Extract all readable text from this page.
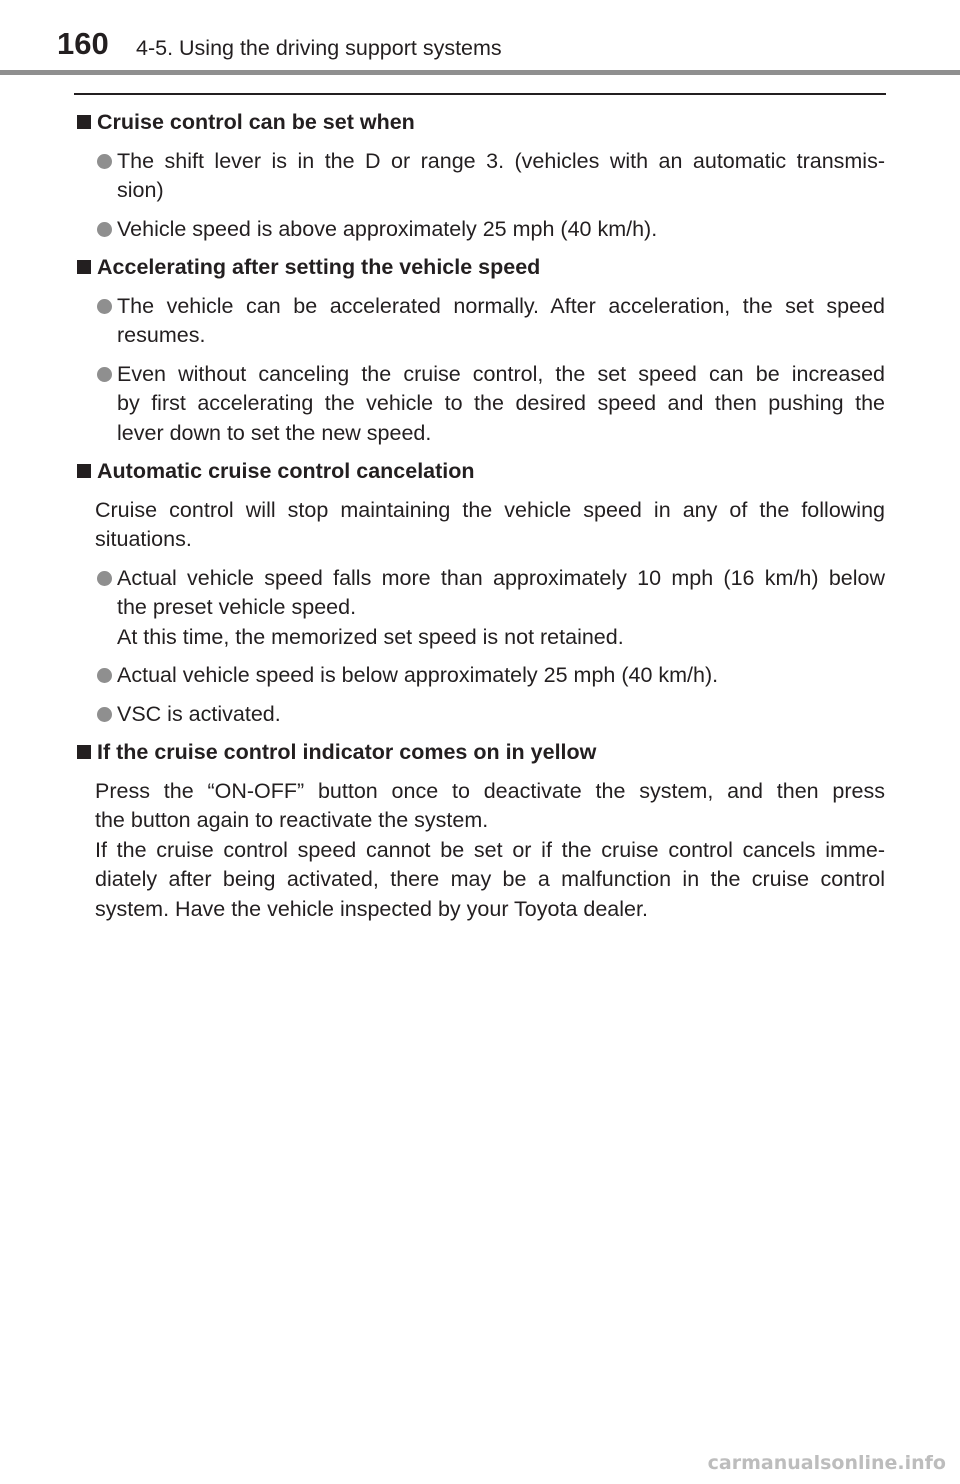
160 4-5. Using the driving support systems
Cruise control can be set when
The shift lever is in the D or range 3. (vehicles with an automatic transmis-
sion)
Vehicle speed is above approximately 25 mph (40 km/h).
Accelerating after setting the vehicle speed
The vehicle can be accelerated normally. After acceleration, the set speed
resumes.
Even without canceling the cruise control, the set speed can be increased
by first accelerating the vehicle to the desired speed and then pushing the
lever down to set the new speed.
Automatic cruise control cancelation
Cruise control will stop maintaining the vehicle speed in any of the following
situations.
Actual vehicle speed falls more than approximately 10 mph (16 km/h) below
the preset vehicle speed.
At this time, the memorized set speed is not retained.
Actual vehicle speed is below approximately 25 mph (40 km/h).
VSC is activated.
If the cruise control indicator comes on in yellow
Press the “ON-OFF” button once to deactivate the system, and then press
the button again to reactivate the system.
If the cruise control speed cannot be set or if the cruise control cancels imme-
diately after being activated, there may be a malfunction in the cruise control
system. Have the vehicle inspected by your Toyota dealer.
carmanualsonline.info
